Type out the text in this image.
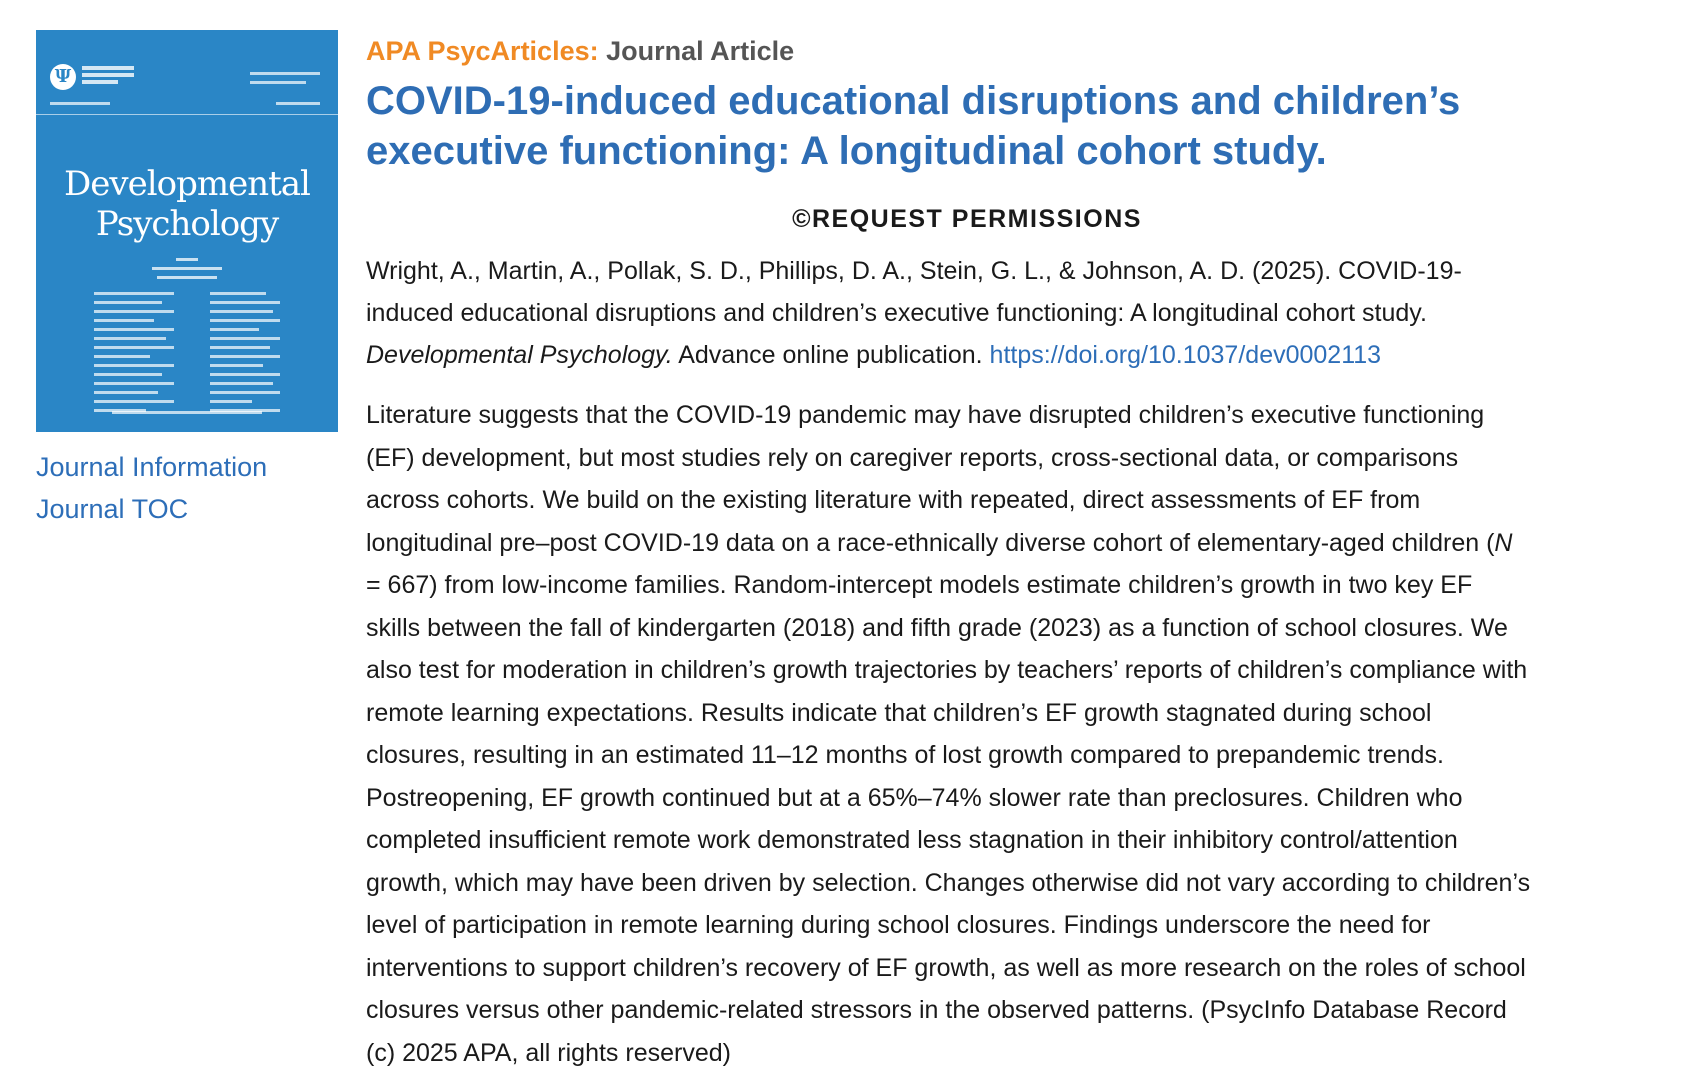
Ψ
Developmental
Psychology
Journal Information
Journal TOC

APA PsycArticles: Journal Article

COVID-19-induced educational disruptions and children’s
executive functioning: A longitudinal cohort study.
©REQUEST PERMISSIONS

Wright, A., Martin, A., Pollak, S. D., Phillips, D. A., Stein, G. L., & Johnson, A. D. (2025). COVID-19-
induced educational disruptions and children’s executive functioning: A longitudinal cohort study.
Developmental Psychology. Advance online publication. https://doi.org/10.1037/dev0002113

Literature suggests that the COVID-19 pandemic may have disrupted children’s executive functioning
(EF) development, but most studies rely on caregiver reports, cross-sectional data, or comparisons
across cohorts. We build on the existing literature with repeated, direct assessments of EF from
longitudinal pre–post COVID-19 data on a race-ethnically diverse cohort of elementary-aged children (N
= 667) from low-income families. Random-intercept models estimate children’s growth in two key EF
skills between the fall of kindergarten (2018) and fifth grade (2023) as a function of school closures. We
also test for moderation in children’s growth trajectories by teachers’ reports of children’s compliance with
remote learning expectations. Results indicate that children’s EF growth stagnated during school
closures, resulting in an estimated 11–12 months of lost growth compared to prepandemic trends.
Postreopening, EF growth continued but at a 65%–74% slower rate than preclosures. Children who
completed insufficient remote work demonstrated less stagnation in their inhibitory control/attention
growth, which may have been driven by selection. Changes otherwise did not vary according to children’s
level of participation in remote learning during school closures. Findings underscore the need for
interventions to support children’s recovery of EF growth, as well as more research on the roles of school
closures versus other pandemic-related stressors in the observed patterns. (PsycInfo Database Record
(c) 2025 APA, all rights reserved)
